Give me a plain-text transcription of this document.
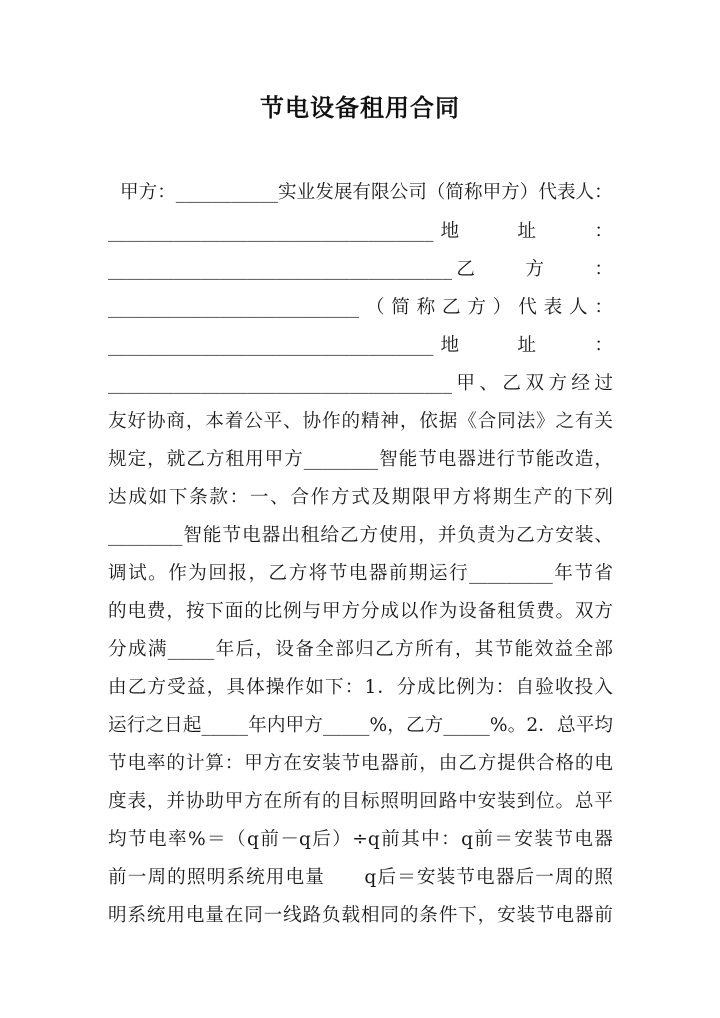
节电设备租用合同
甲方：___________实业发展有限公司（简称甲方）代表人：
___________________________________地　　址　　：
_____________________________________乙　　方　　：
___________________________（简称乙方）代表人：
___________________________________地　　址　　：
_____________________________________甲、乙双方经过
友好协商，本着公平、协作的精神，依据《合同法》之有关
规定，就乙方租用甲方________智能节电器进行节能改造，
达成如下条款：一、合作方式及期限甲方将期生产的下列
________智能节电器出租给乙方使用，并负责为乙方安装、
调试。作为回报，乙方将节电器前期运行_________年节省
的电费，按下面的比例与甲方分成以作为设备租赁费。双方
分成满_____年后，设备全部归乙方所有，其节能效益全部
由乙方受益，具体操作如下：1．分成比例为：自验收投入
运行之日起_____年内甲方_____%，乙方_____%。2．总平均
节电率的计算：甲方在安装节电器前，由乙方提供合格的电
度表，并协助甲方在所有的目标照明回路中安装到位。总平
均节电率%＝（q前－q后）÷q前其中：q前＝安装节电器
前一周的照明系统用电量　　q后＝安装节电器后一周的照
明系统用电量在同一线路负载相同的条件下，安装节电器前
